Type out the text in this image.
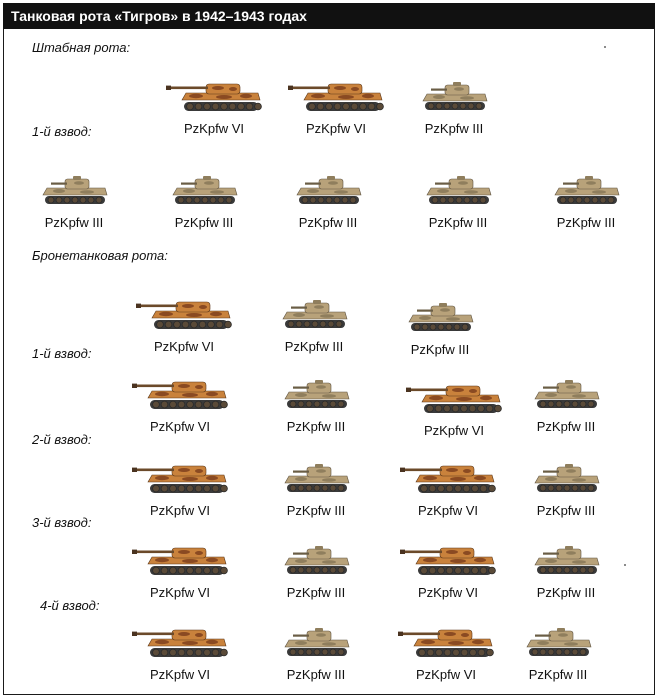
Танковая рота «Тигров» в 1942–1943 годах
Штабная рота:
1-й взвод:	PzKpfw VI	PzKpfw VI	PzKpfw III
PzKpfw III	PzKpfw III	PzKpfw III	PzKpfw III	PzKpfw III
Бронетанковая рота:
PzKpfw VI	PzKpfw III	PzKpfw III
1-й взвод:
PzKpfw VI	PzKpfw III	PzKpfw VI	PzKpfw III
2-й взвод:
PzKpfw VI	PzKpfw III	PzKpfw VI	PzKpfw III
3-й взвод:
PzKpfw VI	PzKpfw III	PzKpfw VI	PzKpfw III
4-й взвод:
PzKpfw VI	PzKpfw III	PzKpfw VI	PzKpfw III
